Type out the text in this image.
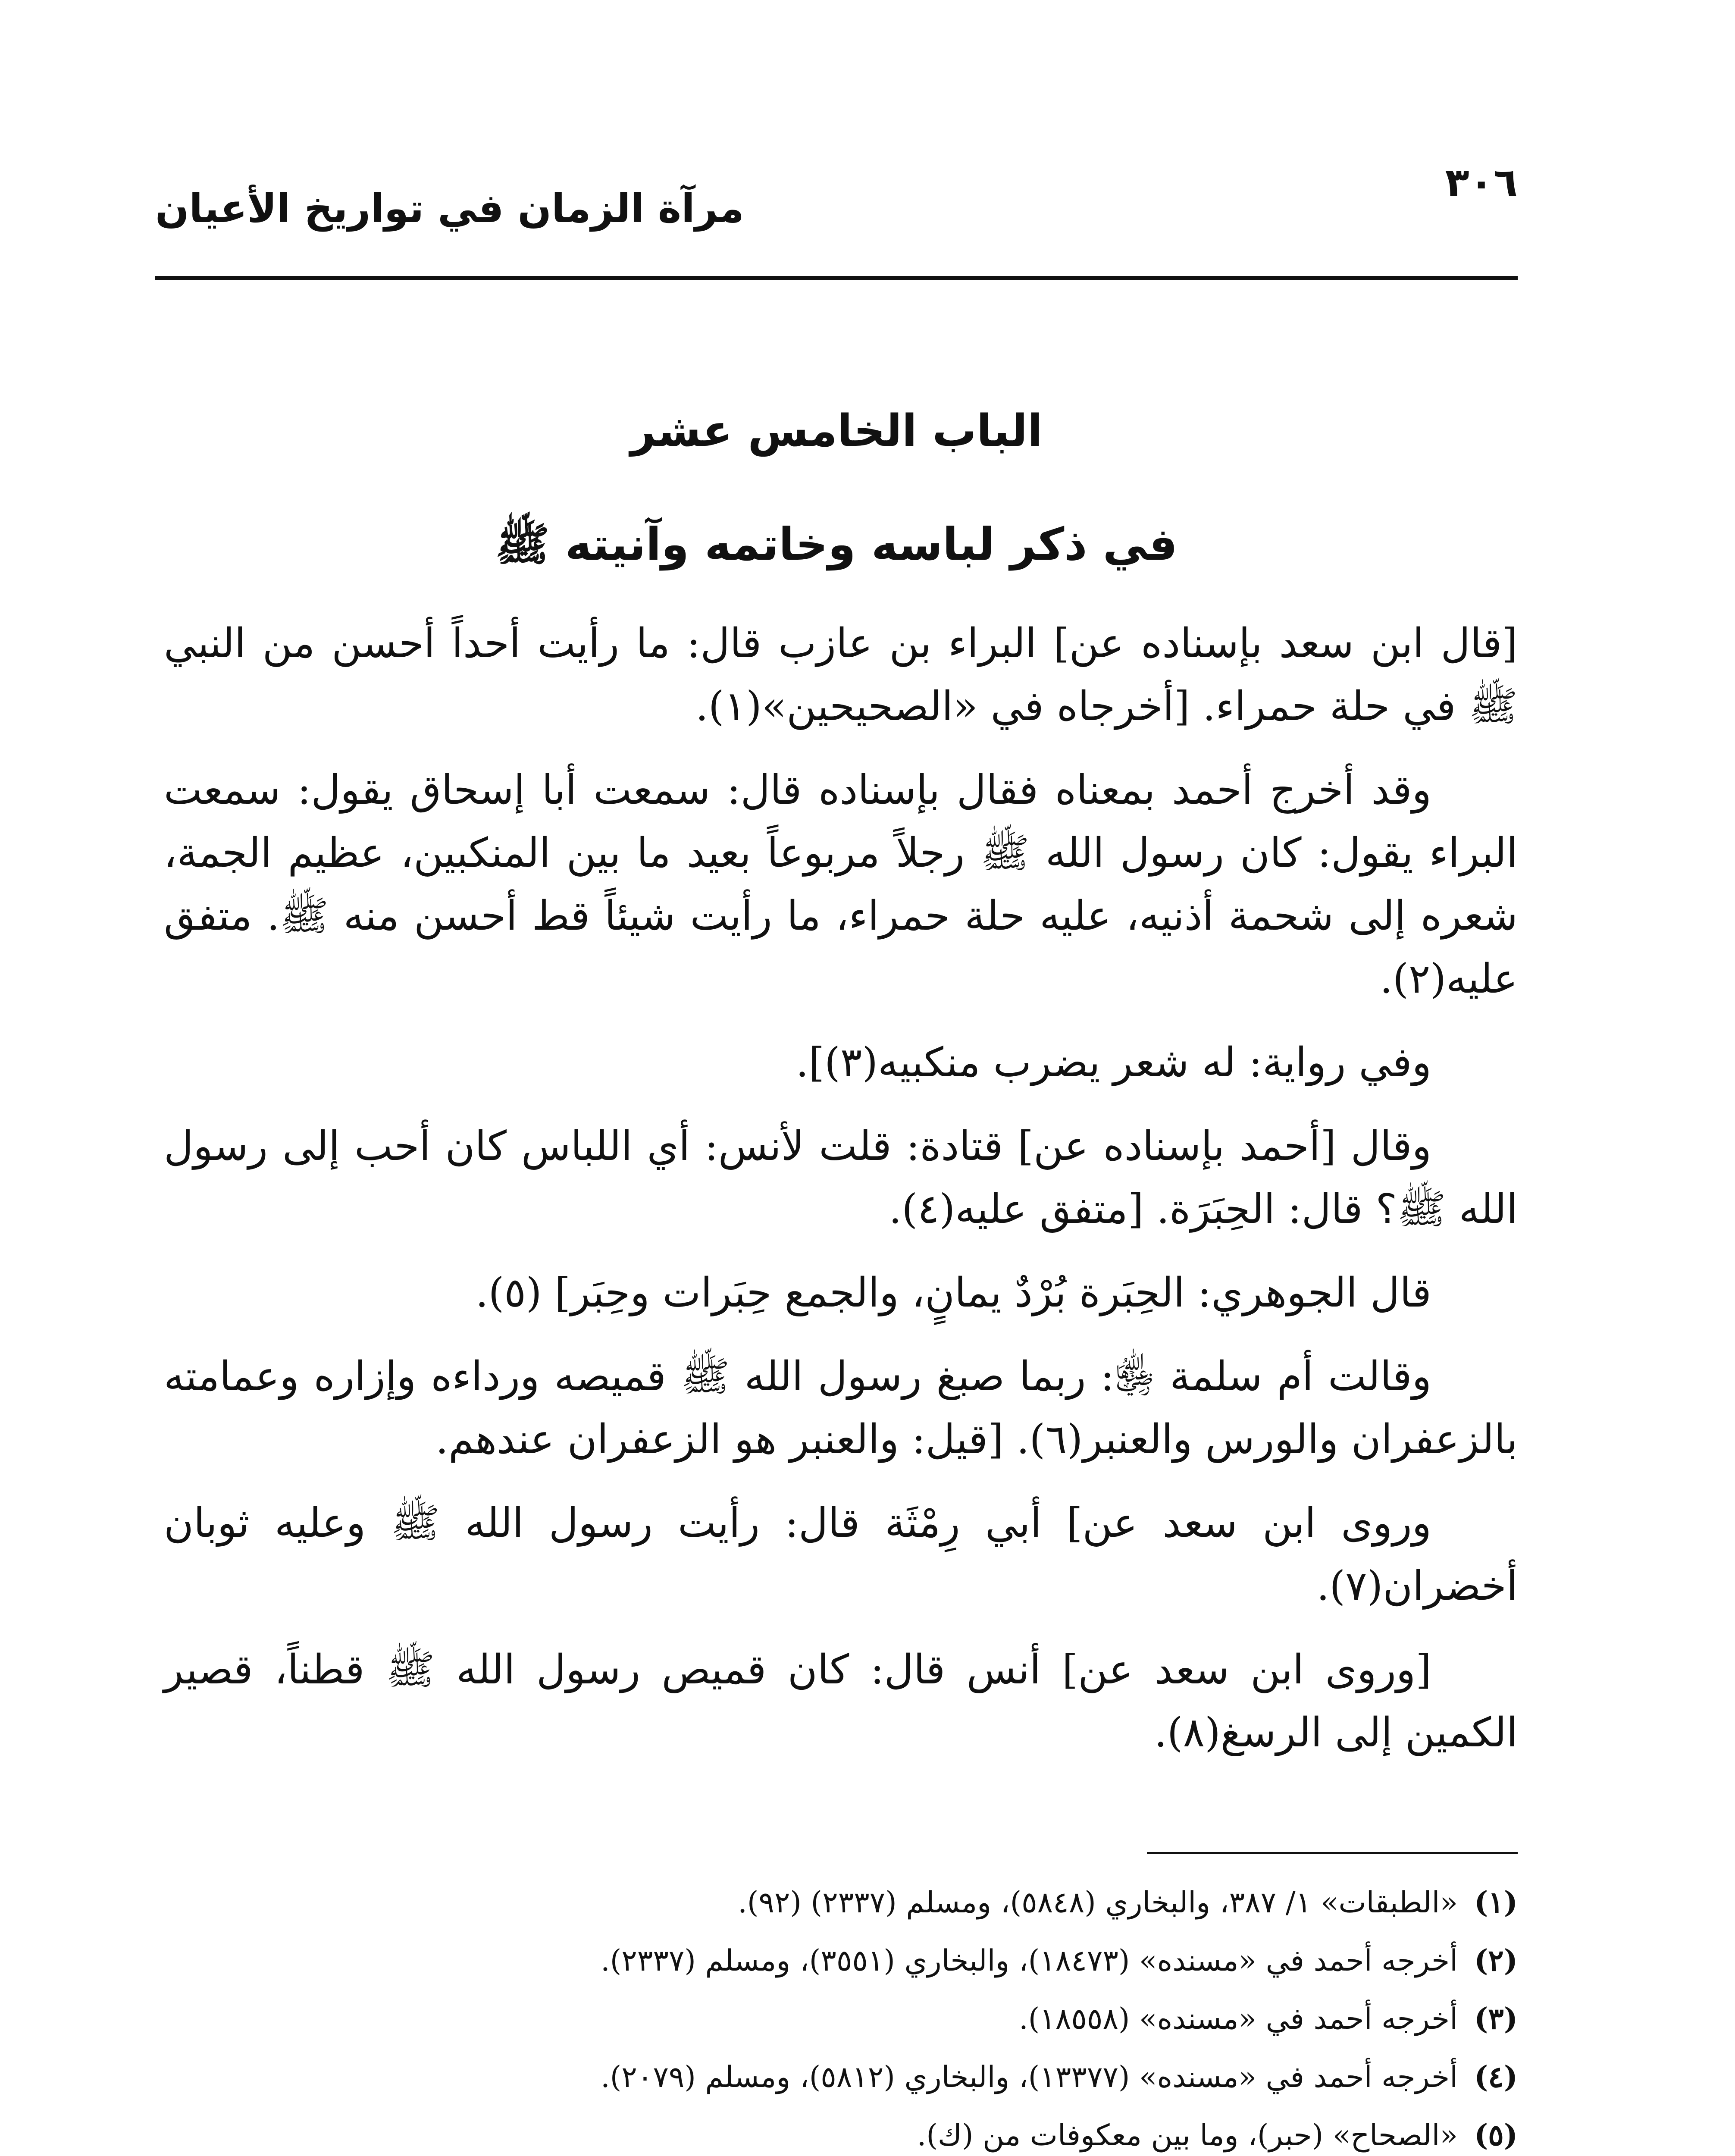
٣٠٦
مرآة الزمان في تواريخ الأعيان
الباب الخامس عشر
في ذكر لباسه وخاتمه وآنيته ﷺ

[قال ابن سعد بإسناده عن] البراء بن عازب قال: ما رأيت أحداً أحسن من النبي ﷺ في حلة حمراء. [أخرجاه في «الصحيحين»(١).

وقد أخرج أحمد بمعناه فقال بإسناده قال: سمعت أبا إسحاق يقول: سمعت البراء يقول: كان رسول الله ﷺ رجلاً مربوعاً بعيد ما بين المنكبين، عظيم الجمة، شعره إلى شحمة أذنيه، عليه حلة حمراء، ما رأيت شيئاً قط أحسن منه ﷺ. متفق عليه(٢).

وفي رواية: له شعر يضرب منكبيه(٣)].

وقال [أحمد بإسناده عن] قتادة: قلت لأنس: أي اللباس كان أحب إلى رسول الله ﷺ؟ قال: الحِبَرَة. [متفق عليه(٤).

قال الجوهري: الحِبَرة بُرْدٌ يمانٍ، والجمع حِبَرات وحِبَر] (٥).

وقالت أم سلمة ﵂: ربما صبغ رسول الله ﷺ قميصه ورداءه وإزاره وعمامته بالزعفران والورس والعنبر(٦). [قيل: والعنبر هو الزعفران عندهم.

وروى ابن سعد عن] أبي رِمْثَة قال: رأيت رسول الله ﷺ وعليه ثوبان أخضران(٧).

[وروى ابن سعد عن] أنس قال: كان قميص رسول الله ﷺ قطناً، قصير الكمين إلى الرسغ(٨).

(١)«الطبقات» ١/ ٣٨٧، والبخاري (٥٨٤٨)، ومسلم (٢٣٣٧) (٩٢).
(٢)أخرجه أحمد في «مسنده» (١٨٤٧٣)، والبخاري (٣٥٥١)، ومسلم (٢٣٣٧).
(٣)أخرجه أحمد في «مسنده» (١٨٥٥٨).
(٤)أخرجه أحمد في «مسنده» (١٣٣٧٧)، والبخاري (٥٨١٢)، ومسلم (٢٠٧٩).
(٥)«الصحاح» (حبر)، وما بين معكوفات من (ك).
